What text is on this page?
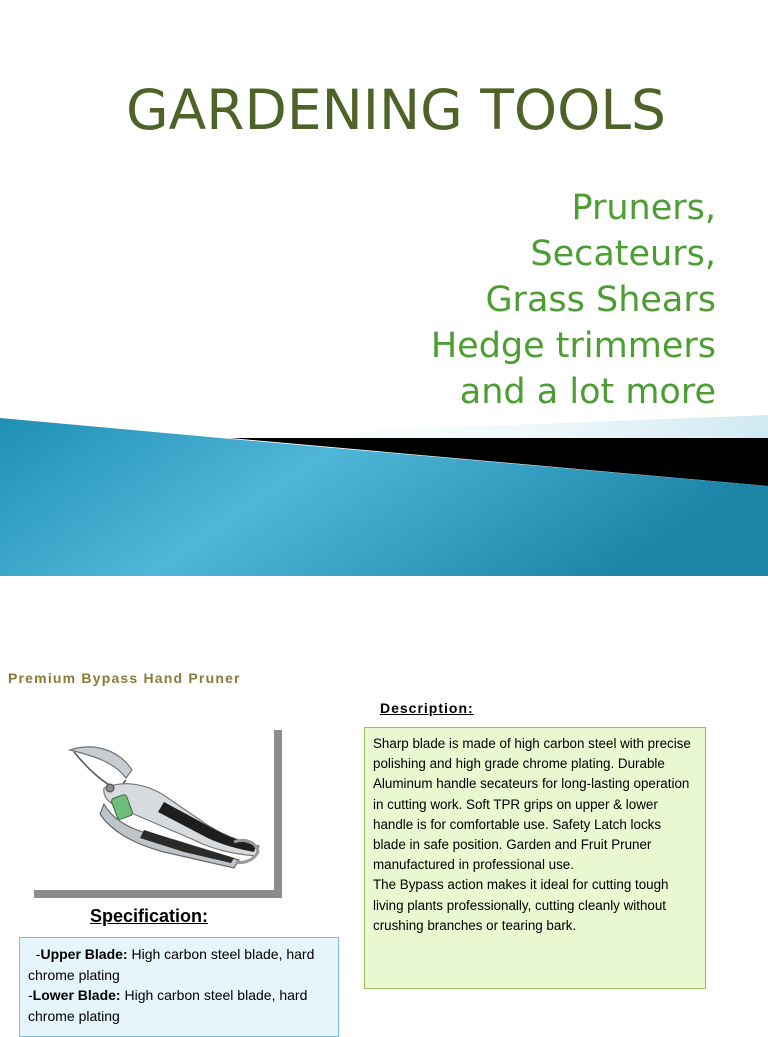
GARDENING TOOLS
Pruners,
Secateurs,
Grass Shears
Hedge trimmers
and a lot more
Premium Bypass Hand Pruner
Description:

Sharp blade is made of high carbon steel with precise polishing and high grade chrome plating. Durable Aluminum handle secateurs for long-lasting operation in cutting work. Soft TPR grips on upper & lower handle is for comfortable use. Safety Latch locks blade in safe position. Garden and Fruit Pruner manufactured in professional use.

The Bypass action makes it ideal for cutting tough living plants professionally, cutting cleanly without crushing branches or tearing bark.

Specification:

-Upper Blade: High carbon steel blade, hard chrome plating

-Lower Blade: High carbon steel blade, hard chrome plating
